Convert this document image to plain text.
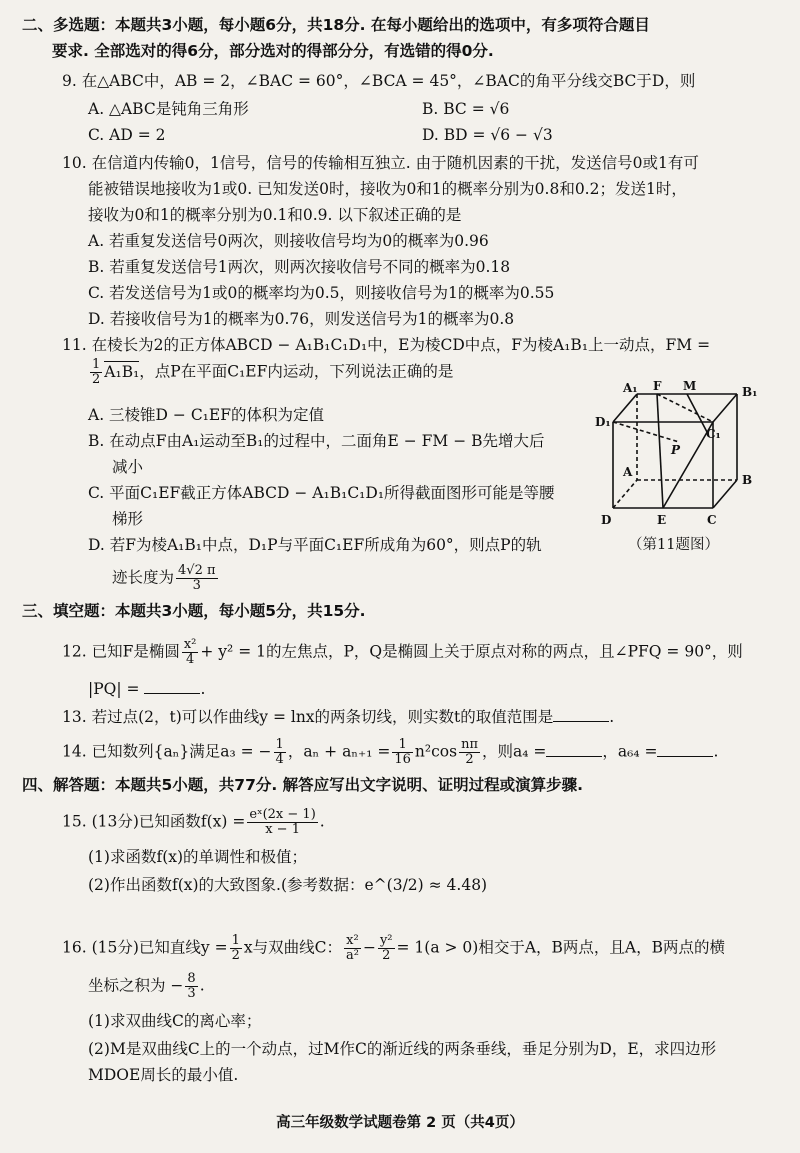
二、多选题：本题共3小题，每小题6分，共18分. 在每小题给出的选项中，有多项符合题目
要求. 全部选对的得6分，部分选对的得部分分，有选错的得0分.
9. 在△ABC中，AB = 2，∠BAC = 60°，∠BCA = 45°，∠BAC的角平分线交BC于D，则
A. △ABC是钝角三角形	B. BC = √6
C. AD = 2	D. BD = √6 − √3
10. 在信道内传输0，1信号，信号的传输相互独立. 由于随机因素的干扰，发送信号0或1有可
能被错误地接收为1或0. 已知发送0时，接收为0和1的概率分别为0.8和0.2；发送1时，
接收为0和1的概率分别为0.1和0.9. 以下叙述正确的是
A. 若重复发送信号0两次，则接收信号均为0的概率为0.96
B. 若重复发送信号1两次，则两次接收信号不同的概率为0.18
C. 若发送信号为1或0的概率均为0.5，则接收信号为1的概率为0.55
D. 若接收信号为1的概率为0.76，则发送信号为1的概率为0.8
11. 在棱长为2的正方体ABCD − A₁B₁C₁D₁中，E为棱CD中点，F为棱A₁B₁上一动点，FM =
$\frac{1}{2} A_1B_1$，点P在平面C₁EF内运动，下列说法正确的是
A. 三棱锥D − C₁EF的体积为定值
B. 在动点F由A₁运动至B₁的过程中，二面角E − FM − B先增大后
减小
C. 平面C₁EF截正方体ABCD − A₁B₁C₁D₁所得截面图形可能是等腰
梯形
D. 若F为棱A₁B₁中点，D₁P与平面C₁EF所成角为60°，则点P的轨
迹长度为 $\frac{4√2 \pi}{3}$
A₁ F M	B₁
D₁
C₁
P
A
B
D	E	C
（第11题图）
三、填空题：本题共3小题，每小题5分，共15分.
12. 已知F是椭圆 $\frac{\text{x²}}{4} + y^2 = 1$的左焦点，P，Q是椭圆上关于原点对称的两点，且∠PFQ = 90°，则
|PQ| =	.
13. 若过点(2，t)可以作曲线y = lnx的两条切线，则实数t的取值范围是	.
14. 已知数列{aₙ}满足a₃ = − $\frac{1}{4}$ ，$a_n + a_{n+1} = \frac{1}{16} n^2\cos \frac{n\pi}{2}$ ，则a₄ =	，a₆₄ =	.
四、解答题：本题共5小题，共77分. 解答应写出文字说明、证明过程或演算步骤.
15. (13分)已知函数$f(x) = \frac{\text{eˣ(2x − 1)}}{x - 1}$ .
(1)求函数f(x)的单调性和极值；
(2)作出函数f(x)的大致图象.(参考数据：e^(3/2) ≈ 4.48)
16. (15分)已知直线$y = \frac{1}{2}$ x与双曲线C： $\frac{\text{x²}}{\text{a²}} - \frac{\text{y²}}{2} = 1(a > 0)$相交于A，B两点，且A，B两点的横
坐标之积为 − $\frac{8}{3}$ .
(1)求双曲线C的离心率；
(2)M是双曲线C上的一个动点，过M作C的渐近线的两条垂线，垂足分别为D，E，求四边形
MDOE周长的最小值.
高三年级数学试题卷第 2 页（共4页）
